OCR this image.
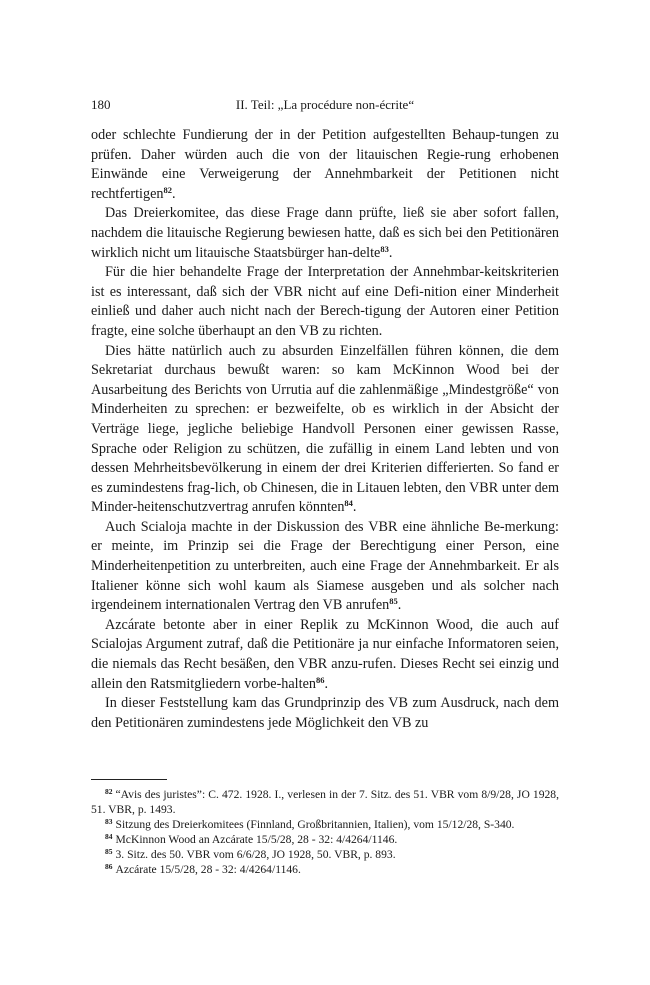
180	II. Teil: „La procédure non-écrite“

oder schlechte Fundierung der in der Petition aufgestellten Behaup-tungen zu prüfen. Daher würden auch die von der litauischen Regie-rung erhobenen Einwände eine Verweigerung der Annehmbarkeit der Petitionen nicht rechtfertigen$^{82}$.

Das Dreierkomitee, das diese Frage dann prüfte, ließ sie aber sofort fallen, nachdem die litauische Regierung bewiesen hatte, daß es sich bei den Petitionären wirklich nicht um litauische Staatsbürger han-delte$^{83}$.

Für die hier behandelte Frage der Interpretation der Annehmbar-keitskriterien ist es interessant, daß sich der VBR nicht auf eine Defi-nition einer Minderheit einließ und daher auch nicht nach der Berech-tigung der Autoren einer Petition fragte, eine solche überhaupt an den VB zu richten.

Dies hätte natürlich auch zu absurden Einzelfällen führen können, die dem Sekretariat durchaus bewußt waren: so kam McKinnon Wood bei der Ausarbeitung des Berichts von Urrutia auf die zahlenmäßige „Mindestgröße“ von Minderheiten zu sprechen: er bezweifelte, ob es wirklich in der Absicht der Verträge liege, jegliche beliebige Handvoll Personen einer gewissen Rasse, Sprache oder Religion zu schützen, die zufällig in einem Land lebten und von dessen Mehrheitsbevölkerung in einem der drei Kriterien differierten. So fand er es zumindestens frag-lich, ob Chinesen, die in Litauen lebten, den VBR unter dem Minder-heitenschutzvertrag anrufen könnten$^{84}$.

Auch Scialoja machte in der Diskussion des VBR eine ähnliche Be-merkung: er meinte, im Prinzip sei die Frage der Berechtigung einer Person, eine Minderheitenpetition zu unterbreiten, auch eine Frage der Annehmbarkeit. Er als Italiener könne sich wohl kaum als Siamese ausgeben und als solcher nach irgendeinem internationalen Vertrag den VB anrufen$^{85}$.

Azcárate betonte aber in einer Replik zu McKinnon Wood, die auch auf Scialojas Argument zutraf, daß die Petitionäre ja nur einfache Informatoren seien, die niemals das Recht besäßen, den VBR anzu-rufen. Dieses Recht sei einzig und allein den Ratsmitgliedern vorbe-halten$^{86}$.

In dieser Feststellung kam das Grundprinzip des VB zum Ausdruck, nach dem den Petitionären zumindestens jede Möglichkeit den VB zu

$^{82}$ “Avis des juristes”: C. 472. 1928. I., verlesen in der 7. Sitz. des 51. VBR vom 8/9/28, JO 1928, 51. VBR, p. 1493.

$^{83}$ Sitzung des Dreierkomitees (Finnland, Großbritannien, Italien), vom 15/12/28, S-340.

$^{84}$ McKinnon Wood an Azcárate 15/5/28, 28 - 32: 4/4264/1146.

$^{85}$ 3. Sitz. des 50. VBR vom 6/6/28, JO 1928, 50. VBR, p. 893.

$^{86}$ Azcárate 15/5/28, 28 - 32: 4/4264/1146.
